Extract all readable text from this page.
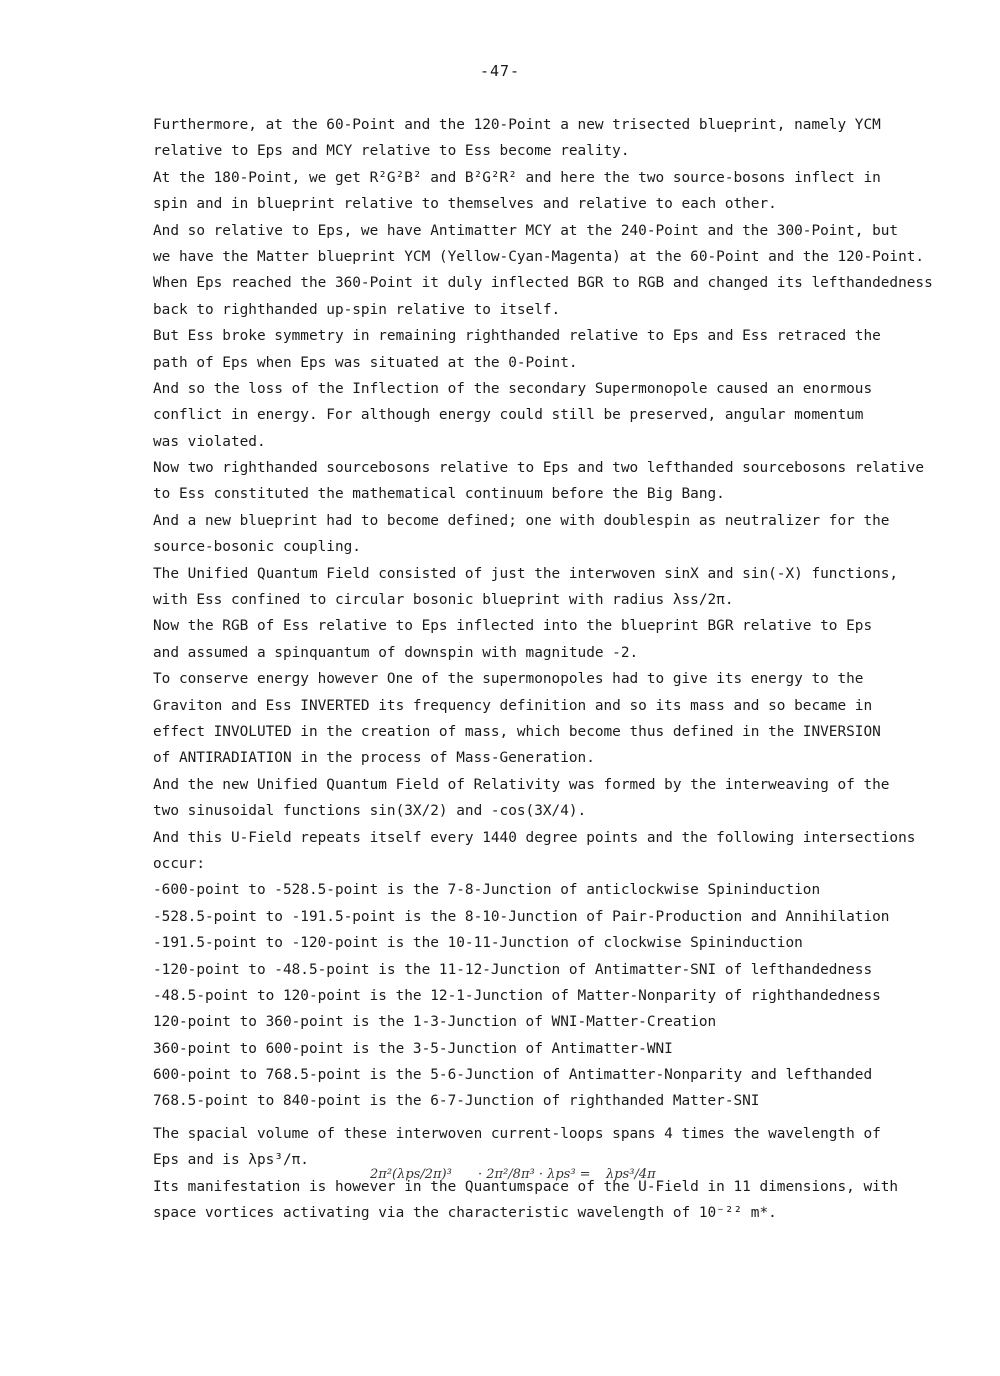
-47-
Furthermore, at the 60-Point and the 120-Point a new trisected blueprint, namely YCM
relative to Eps and MCY relative to Ess become reality.
At the 180-Point, we get R²G²B² and B²G²R² and here the two source-bosons inflect in
spin and in blueprint relative to themselves and relative to each other.
And so relative to Eps, we have Antimatter MCY at the 240-Point and the 300-Point, but
we have the Matter blueprint YCM (Yellow-Cyan-Magenta) at the 60-Point and the 120-Point.
When Eps reached the 360-Point it duly inflected BGR to RGB and changed its lefthandedness
back to righthanded up-spin relative to itself.
But Ess broke symmetry in remaining righthanded relative to Eps and Ess retraced the
path of Eps when Eps was situated at the 0-Point.
And so the loss of the Inflection of the secondary Supermonopole caused an enormous
conflict in energy. For although energy could still be preserved, angular momentum
was violated.
Now two righthanded sourcebosons relative to Eps and two lefthanded sourcebosons relative
to Ess constituted the mathematical continuum before the Big Bang.
And a new blueprint had to become defined; one with doublespin as neutralizer for the
source-bosonic coupling.
The Unified Quantum Field consisted of just the interwoven sinX and sin(-X) functions,
with Ess confined to circular bosonic blueprint with radius λss/2π.
Now the RGB of Ess relative to Eps inflected into the blueprint BGR relative to Eps
and assumed a spinquantum of downspin with magnitude -2.
To conserve energy however One of the supermonopoles had to give its energy to the
Graviton and Ess INVERTED its frequency definition and so its mass and so became in
effect INVOLUTED in the creation of mass, which become thus defined in the INVERSION
of ANTIRADIATION in the process of Mass-Generation.
And the new Unified Quantum Field of Relativity was formed by the interweaving of the
two sinusoidal functions sin(3X/2) and -cos(3X/4).
And this U-Field repeats itself every 1440 degree points and the following intersections
occur:
-600-point to -528.5-point is the 7-8-Junction of anticlockwise Spininduction
-528.5-point to -191.5-point is the 8-10-Junction of Pair-Production and Annihilation
-191.5-point to -120-point is the 10-11-Junction of clockwise Spininduction
-120-point to -48.5-point is the 11-12-Junction of Antimatter-SNI of lefthandedness
-48.5-point to 120-point is the 12-1-Junction of Matter-Nonparity of righthandedness
120-point to 360-point is the 1-3-Junction of WNI-Matter-Creation
360-point to 600-point is the 3-5-Junction of Antimatter-WNI
600-point to 768.5-point is the 5-6-Junction of Antimatter-Nonparity and lefthanded
768.5-point to 840-point is the 6-7-Junction of righthanded Matter-SNI
The spacial volume of these interwoven current-loops spans 4 times the wavelength of
Eps and is λps³/π.
Its manifestation is however in the Quantumspace of the U-Field in 11 dimensions, with
space vortices activating via the characteristic wavelength of 10⁻²² m*.
2π²(λps/2π)³ · 2π²/8π³ · λps³ = λps³/4π
